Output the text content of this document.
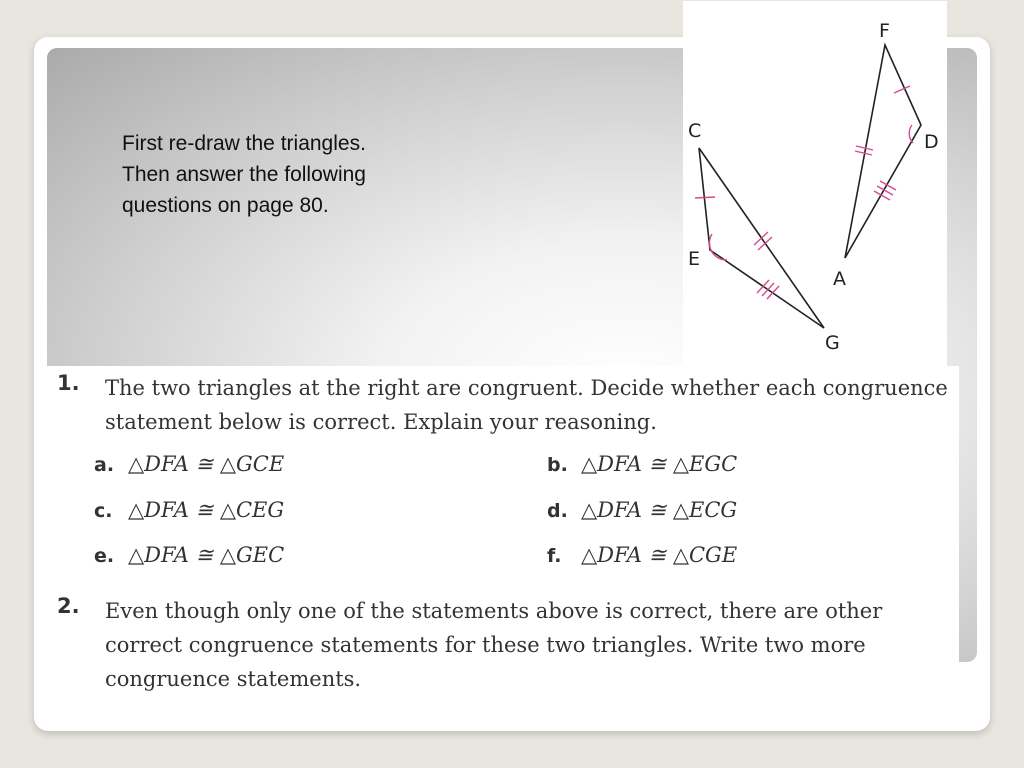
First re-draw the triangles. Then answer the following questions on page 80.
F
D
C
E
A
G
1. The two triangles at the right are congruent. Decide whether each congruence statement below is correct. Explain your reasoning.
a. △DFA ≅ △GCE	b. △DFA ≅ △EGC
c. △DFA ≅ △CEG	d. △DFA ≅ △ECG
e. △DFA ≅ △GEC	f. △DFA ≅ △CGE
2. Even though only one of the statements above is correct, there are other correct congruence statements for these two triangles. Write two more congruence statements.
